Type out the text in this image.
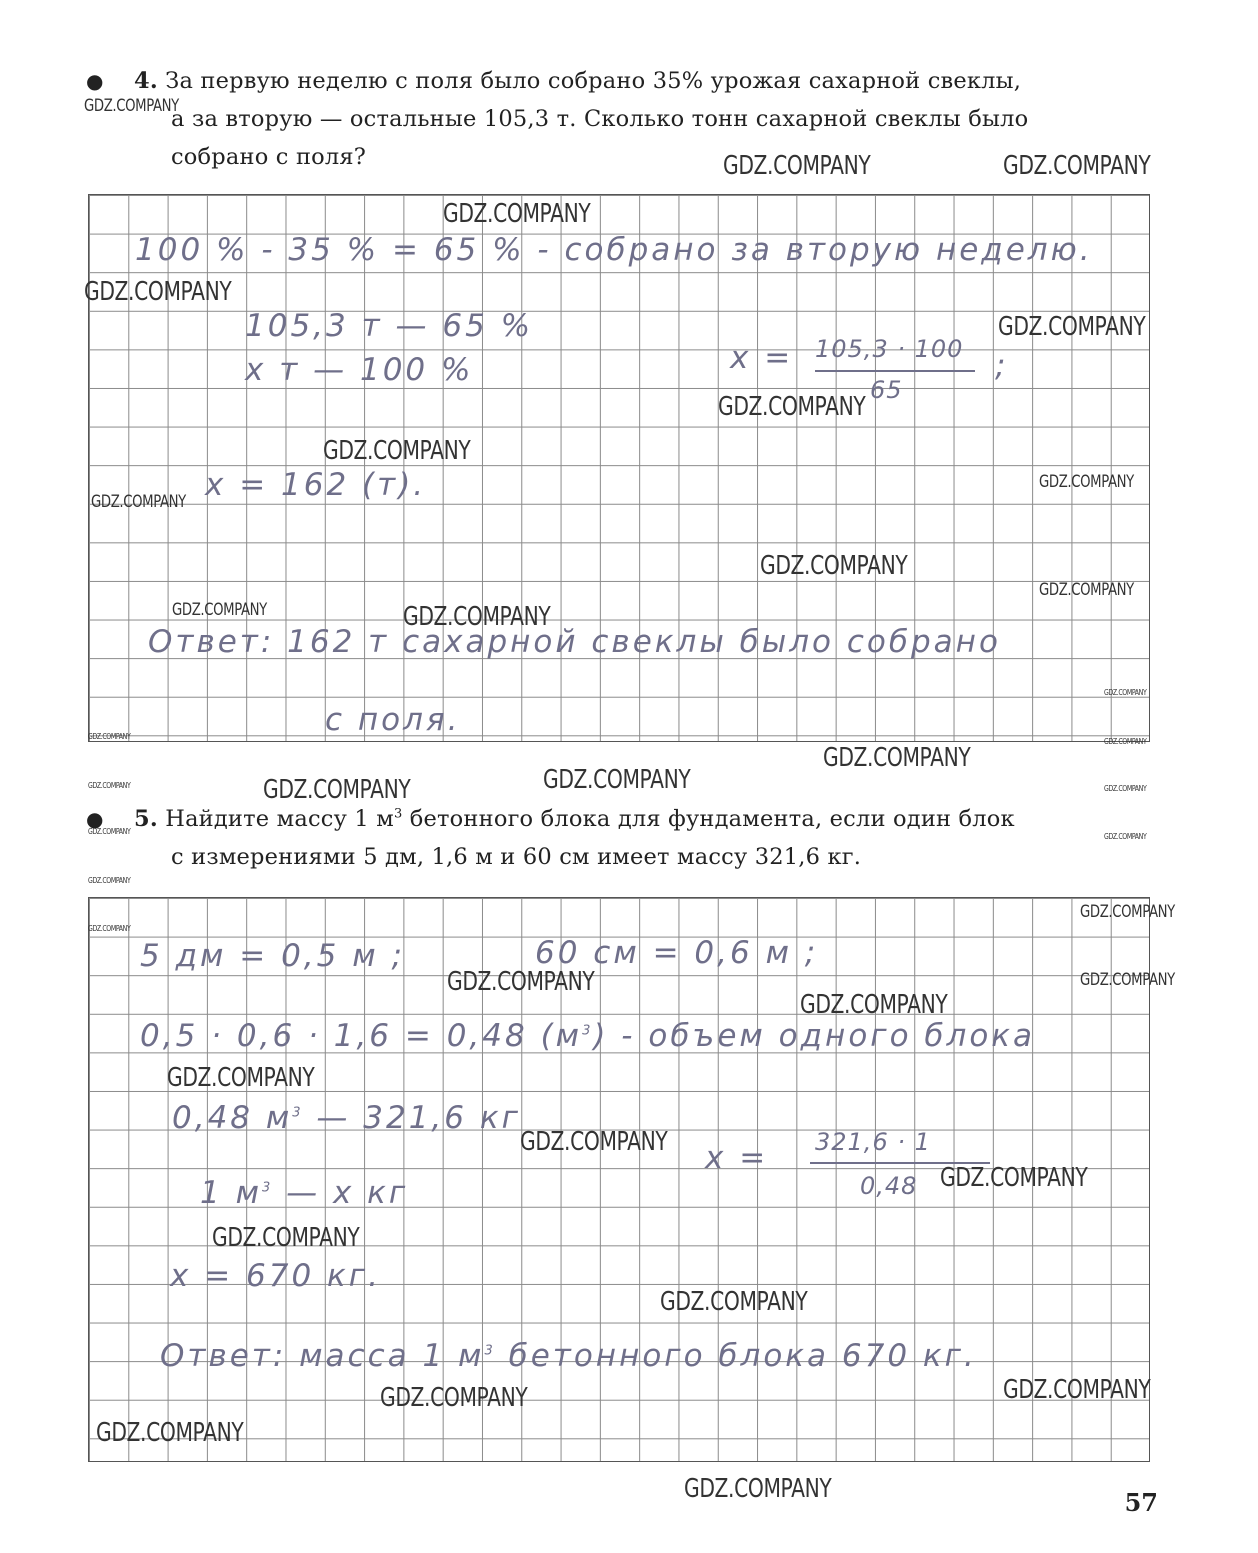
●	4. За первую неделю с поля было собрано 35% урожая сахарной свеклы,
а за вторую — остальные 105,3 т. Сколько тонн сахарной свеклы было
собрано с поля?
100 % - 35 % = 65 % - собрано за вторую неделю.
105,3 т — 65 %
х т — 100 %	х = 105,3 · 100
65
;
х = 162 (т).
Ответ: 162 т сахарной свеклы было собрано
с поля.
●	5. Найдите массу 1 $м^3$ бетонного блока для фундамента, если один блок
с измерениями 5 дм, 1,6 м и 60 см имеет массу 321,6 кг.
5 дм = 0,5 м ;	60 см = 0,6 м ;
0,5 · 0,6 · 1,6 = 0,48 $(м^3)$ - объем одного блока
0,48 $м^3$ — 321,6 кг
1 $м^3$ — х кг
х = 321,6 · 1
0,48
х = 670 кг.
Ответ: масса 1 $м^3$ бетонного блока 670 кг.
GDZ.COMPANY
GDZ.COMPANY	GDZ.COMPANY
GDZ.COMPANY
GDZ.COMPANY
GDZ.COMPANY
GDZ.COMPANY
GDZ.COMPANY
GDZ.COMPANY
GDZ.COMPANY
GDZ.COMPANY
GDZ.COMPANY
GDZ.COMPANY	GDZ.COMPANY
GDZ.COMPANY
GDZ.COMPANY
GDZ.COMPANY
GDZ.COMPANY
GDZ.COMPANY
GDZ.COMPANY
GDZ.COMPANY	GDZ.COMPANY
GDZ.COMPANY
GDZ.COMPANY
GDZ.COMPANY
GDZ.COMPANY
GDZ.COMPANY
GDZ.COMPANY	GDZ.COMPANY
GDZ.COMPANY
GDZ.COMPANY
GDZ.COMPANY
GDZ.COMPANY
GDZ.COMPANY
GDZ.COMPANY
GDZ.COMPANY
GDZ.COMPANY
GDZ.COMPANY
GDZ.COMPANY	57
